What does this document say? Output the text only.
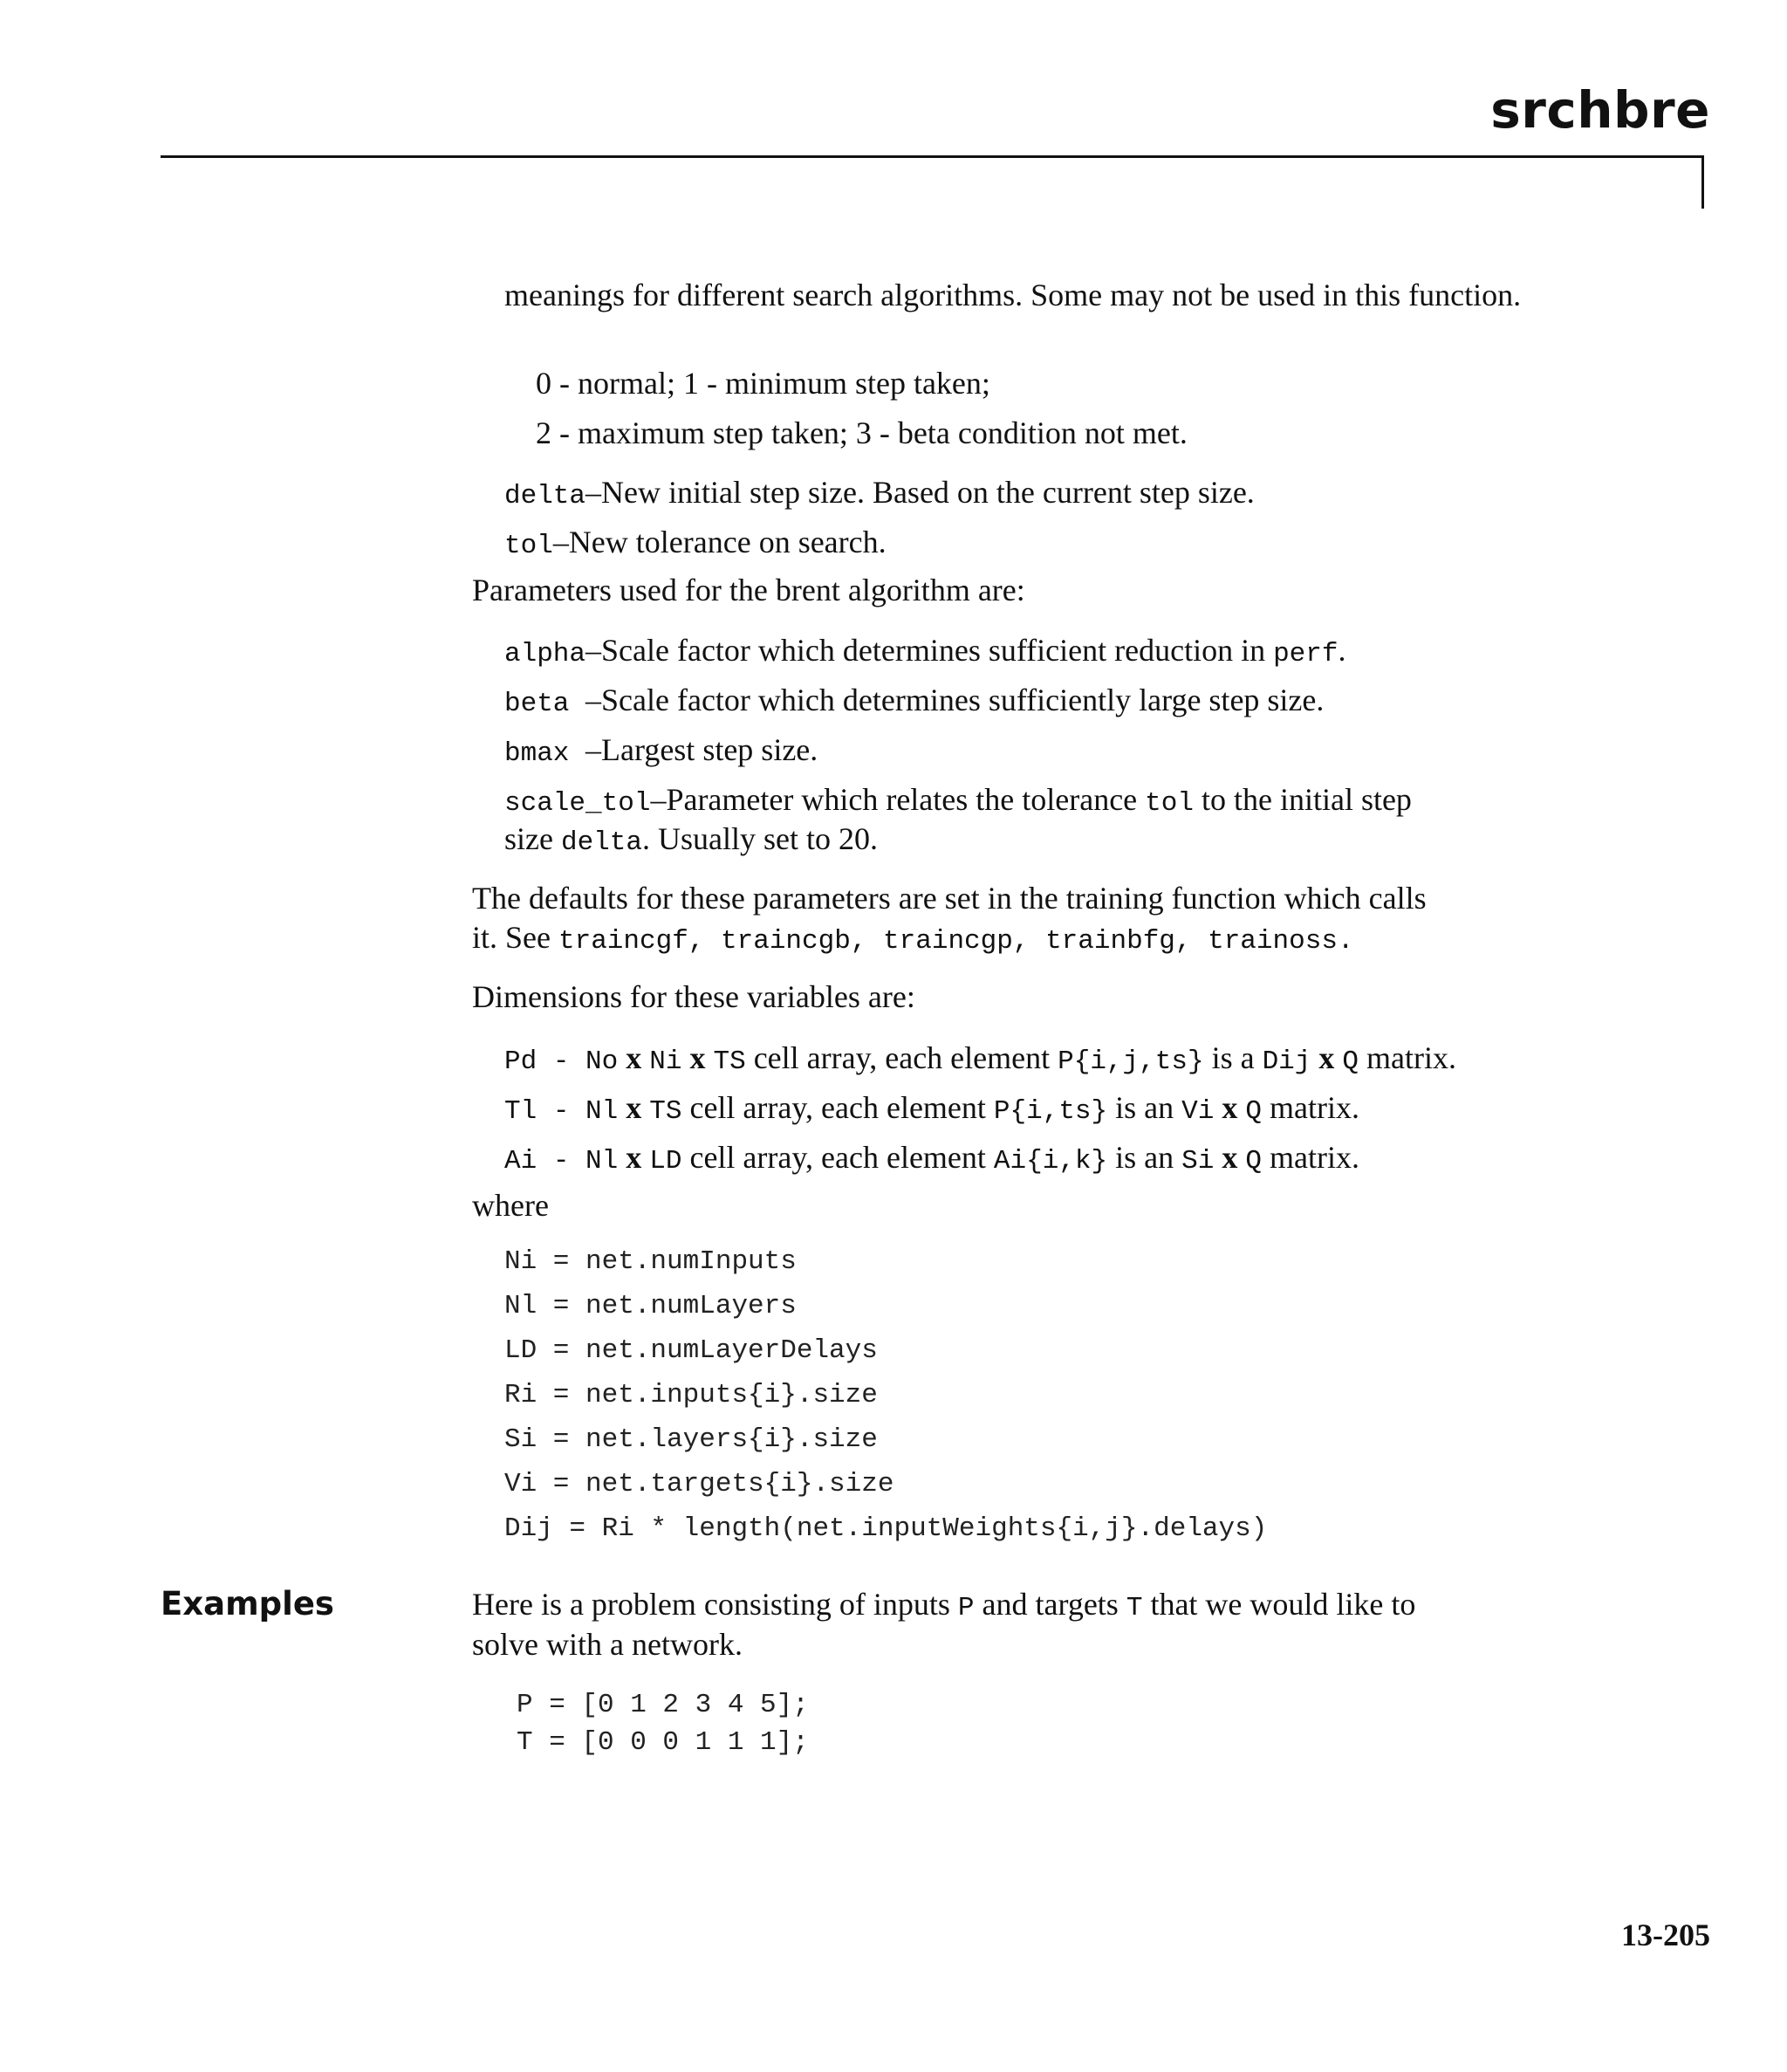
srchbre

meanings for different search algorithms. Some may not be used in this function.

0 - normal; 1 - minimum step taken;

2 - maximum step taken; 3 - beta condition not met.

delta–New initial step size. Based on the current step size.

tol–New tolerance on search.

Parameters used for the brent algorithm are:

alpha–Scale factor which determines sufficient reduction in perf.

beta –Scale factor which determines sufficiently large step size.

bmax –Largest step size.

scale_tol–Parameter which relates the tolerance tol to the initial step

size delta. Usually set to 20.

The defaults for these parameters are set in the training function which calls

it. See traincgf, traincgb, traincgp, trainbfg, trainoss.

Dimensions for these variables are:

Pd - No x Ni x TS cell array, each element P{i,j,ts} is a Dij x Q matrix.

Tl - Nl x TS cell array, each element P{i,ts} is an Vi x Q matrix.

Ai - Nl x LD cell array, each element Ai{i,k} is an Si x Q matrix.

where

Ni = net.numInputs

Nl = net.numLayers

LD = net.numLayerDelays

Ri = net.inputs{i}.size

Si = net.layers{i}.size

Vi = net.targets{i}.size

Dij = Ri * length(net.inputWeights{i,j}.delays)

Examples	Here is a problem consisting of inputs P and targets T that we would like to

solve with a network.

P = [0 1 2 3 4 5];

T = [0 0 0 1 1 1];

13-205
